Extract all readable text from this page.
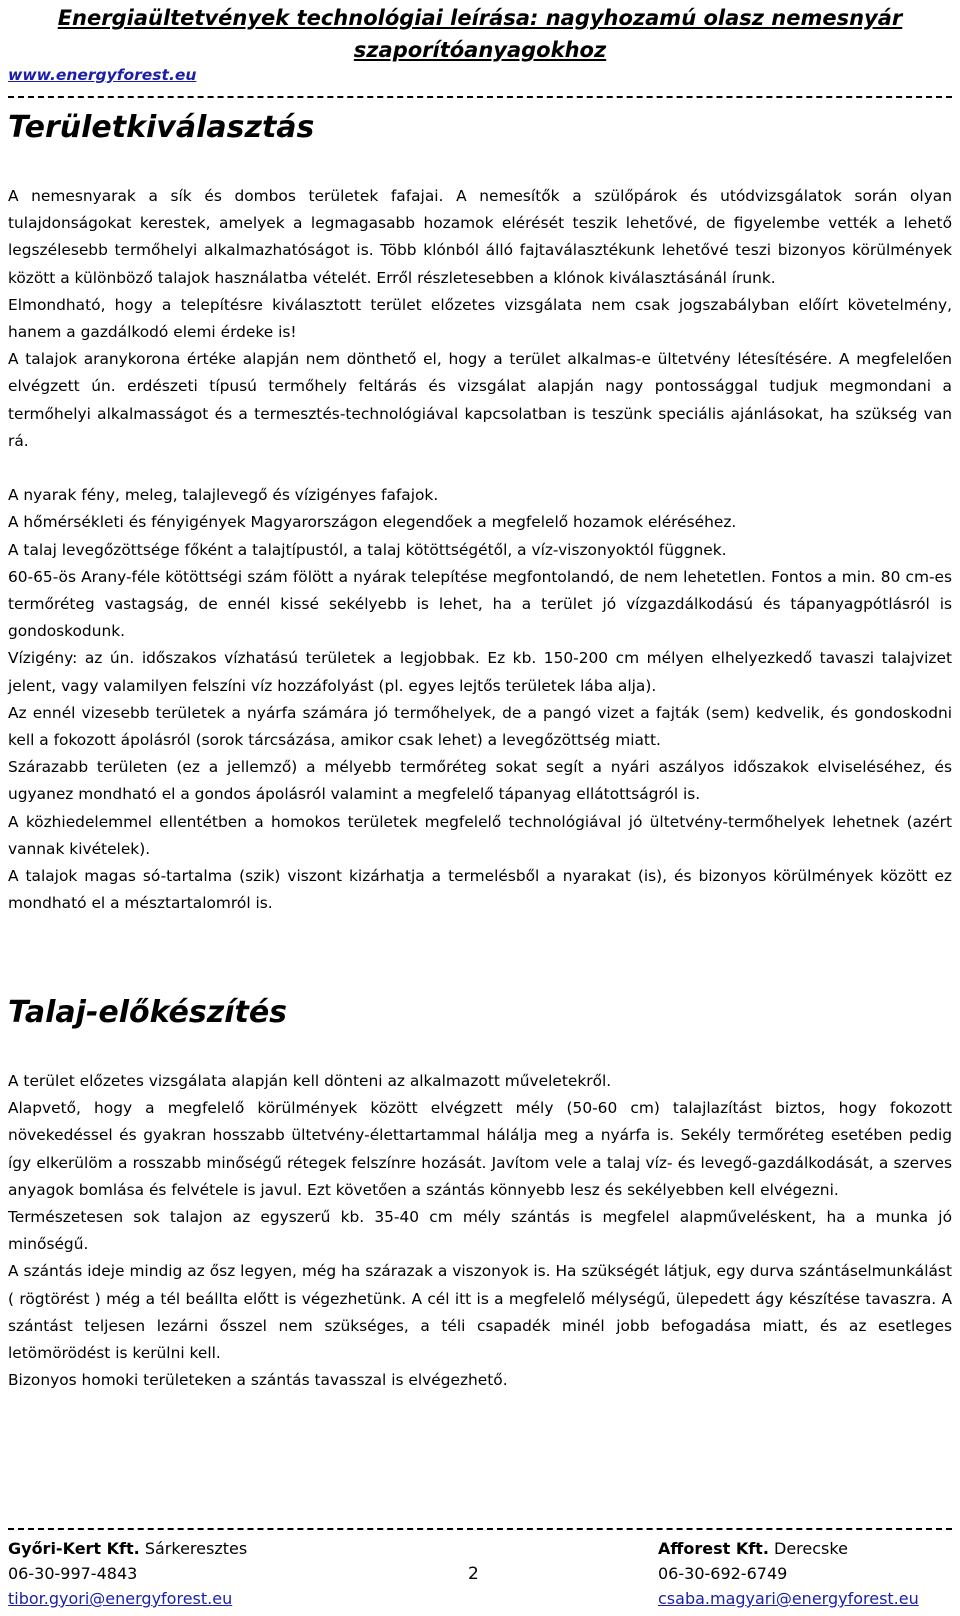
Energiaültetvények technológiai leírása: nagyhozamú olasz nemesnyár szaporítóanyagokhoz
www.energyforest.eu
Területkiválasztás

A nemesnyarak a sík és dombos területek fafajai. A nemesítők a szülőpárok és utódvizsgálatok során olyan tulajdonságokat kerestek, amelyek a legmagasabb hozamok elérését teszik lehetővé, de figyelembe vették a lehető legszélesebb termőhelyi alkalmazhatóságot is. Több klónból álló fajtaválasztékunk lehetővé teszi bizonyos körülmények között a különböző talajok használatba vételét. Erről részletesebben a klónok kiválasztásánál írunk.

Elmondható, hogy a telepítésre kiválasztott terület előzetes vizsgálata nem csak jogszabályban előírt követelmény, hanem a gazdálkodó elemi érdeke is!

A talajok aranykorona értéke alapján nem dönthető el, hogy a terület alkalmas-e ültetvény létesítésére. A megfelelően elvégzett ún. erdészeti típusú termőhely feltárás és vizsgálat alapján nagy pontossággal tudjuk megmondani a termőhelyi alkalmasságot és a termesztés-technológiával kapcsolatban is teszünk speciális ajánlásokat, ha szükség van rá.

A nyarak fény, meleg, talajlevegő és vízigényes fafajok.

A hőmérsékleti és fényigények Magyarországon elegendőek a megfelelő hozamok eléréséhez.

A talaj levegőzöttsége főként a talajtípustól, a talaj kötöttségétől, a víz-viszonyoktól függnek.

60-65-ös Arany-féle kötöttségi szám fölött a nyárak telepítése megfontolandó, de nem lehetetlen. Fontos a min. 80 cm-es termőréteg vastagság, de ennél kissé sekélyebb is lehet, ha a terület jó vízgazdálkodású és tápanyagpótlásról is gondoskodunk.

Vízigény: az ún. időszakos vízhatású területek a legjobbak. Ez kb. 150-200 cm mélyen elhelyezkedő tavaszi talajvizet jelent, vagy valamilyen felszíni víz hozzáfolyást (pl. egyes lejtős területek lába alja).

Az ennél vizesebb területek a nyárfa számára jó termőhelyek, de a pangó vizet a fajták (sem) kedvelik, és gondoskodni kell a fokozott ápolásról (sorok tárcsázása, amikor csak lehet) a levegőzöttség miatt.

Szárazabb területen (ez a jellemző) a mélyebb termőréteg sokat segít a nyári aszályos időszakok elviseléséhez, és ugyanez mondható el a gondos ápolásról valamint a megfelelő tápanyag ellátottságról is.

A közhiedelemmel ellentétben a homokos területek megfelelő technológiával jó ültetvény-termőhelyek lehetnek (azért vannak kivételek).

A talajok magas só-tartalma (szik) viszont kizárhatja a termelésből a nyarakat (is), és bizonyos körülmények között ez mondható el a mésztartalomról is.

Talaj-előkészítés

A terület előzetes vizsgálata alapján kell dönteni az alkalmazott műveletekről.

Alapvető, hogy a megfelelő körülmények között elvégzett mély (50-60 cm) talajlazítást biztos, hogy fokozott növekedéssel és gyakran hosszabb ültetvény-élettartammal hálálja meg a nyárfa is. Sekély termőréteg esetében pedig így elkerülöm a rosszabb minőségű rétegek felszínre hozását. Javítom vele a talaj víz- és levegő-gazdálkodását, a szerves anyagok bomlása és felvétele is javul. Ezt követően a szántás könnyebb lesz és sekélyebben kell elvégezni.

Természetesen sok talajon az egyszerű kb. 35-40 cm mély szántás is megfelel alapműveléskent, ha a munka jó minőségű.

A szántás ideje mindig az ősz legyen, még ha szárazak a viszonyok is. Ha szükségét látjuk, egy durva szántáselmunkálást ( rögtörést ) még a tél beállta előtt is végezhetünk. A cél itt is a megfelelő mélységű, ülepedett ágy készítése tavaszra. A szántást teljesen lezárni ősszel nem szükséges, a téli csapadék minél jobb befogadása miatt, és az esetleges letömörödést is kerülni kell.

Bizonyos homoki területeken a szántás tavasszal is elvégezhető.

Győri-Kert Kft. Sárkeresztes
06-30-997-4843
tibor.gyori@energyforest.eu
2
Afforest Kft. Derecske
06-30-692-6749
csaba.magyari@energyforest.eu
